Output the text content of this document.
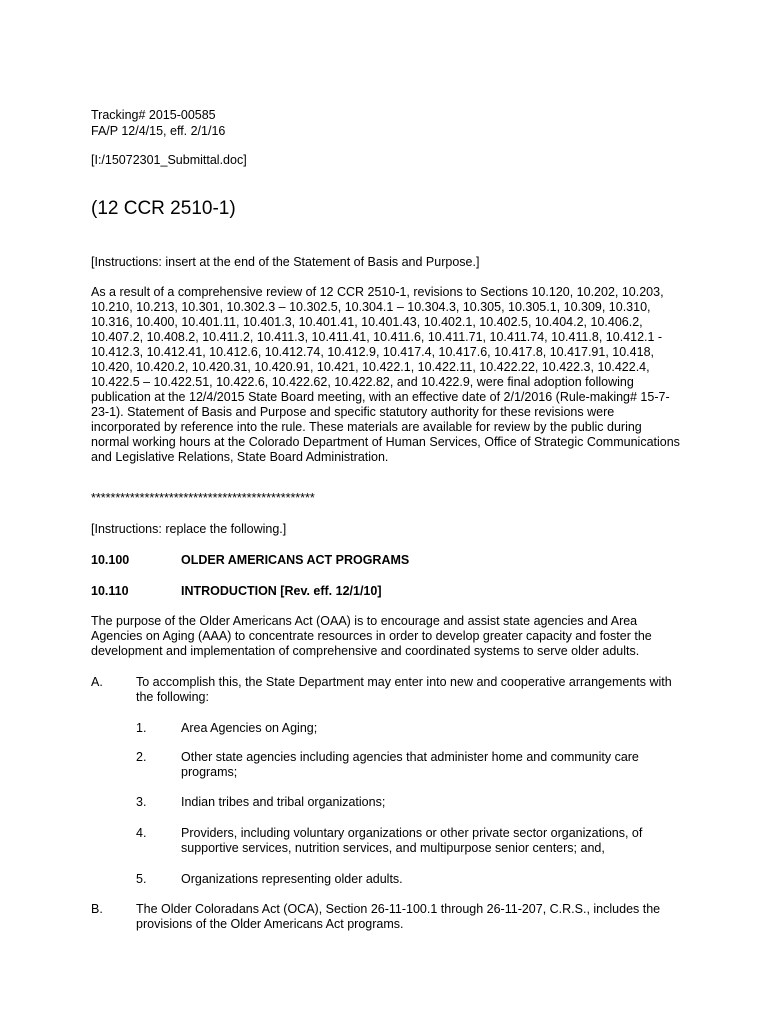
Tracking# 2015-00585

FA/P 12/4/15, eff. 2/1/16

[I:/15072301_Submittal.doc]

(12 CCR 2510-1)

[Instructions: insert at the end of the Statement of Basis and Purpose.]

As a result of a comprehensive review of 12 CCR 2510-1, revisions to Sections 10.120, 10.202, 10.203, 10.210, 10.213, 10.301, 10.302.3 – 10.302.5, 10.304.1 – 10.304.3, 10.305, 10.305.1, 10.309, 10.310, 10.316, 10.400, 10.401.11, 10.401.3, 10.401.41, 10.401.43, 10.402.1, 10.402.5, 10.404.2, 10.406.2, 10.407.2, 10.408.2, 10.411.2, 10.411.3, 10.411.41, 10.411.6, 10.411.71, 10.411.74, 10.411.8, 10.412.1 - 10.412.3, 10.412.41, 10.412.6, 10.412.74, 10.412.9, 10.417.4, 10.417.6, 10.417.8, 10.417.91, 10.418, 10.420, 10.420.2, 10.420.31, 10.420.91, 10.421, 10.422.1, 10.422.11, 10.422.22, 10.422.3, 10.422.4, 10.422.5 – 10.422.51, 10.422.6, 10.422.62, 10.422.82, and 10.422.9, were final adoption following publication at the 12/4/2015 State Board meeting, with an effective date of 2/1/2016 (Rule-making# 15-7-23-1). Statement of Basis and Purpose and specific statutory authority for these revisions were incorporated by reference into the rule. These materials are available for review by the public during normal working hours at the Colorado Department of Human Services, Office of Strategic Communications and Legislative Relations, State Board Administration.

**********************************************

[Instructions: replace the following.]

10.100	OLDER AMERICANS ACT PROGRAMS

10.110	INTRODUCTION [Rev. eff. 12/1/10]

The purpose of the Older Americans Act (OAA) is to encourage and assist state agencies and Area Agencies on Aging (AAA) to concentrate resources in order to develop greater capacity and foster the development and implementation of comprehensive and coordinated systems to serve older adults.

A.	To accomplish this, the State Department may enter into new and cooperative arrangements with the following:
1.	Area Agencies on Aging;
2.	Other state agencies including agencies that administer home and community care programs;
3.	Indian tribes and tribal organizations;
4.	Providers, including voluntary organizations or other private sector organizations, of supportive services, nutrition services, and multipurpose senior centers; and,
5.	Organizations representing older adults.
B.	The Older Coloradans Act (OCA), Section 26-11-100.1 through 26-11-207, C.R.S., includes the provisions of the Older Americans Act programs.
